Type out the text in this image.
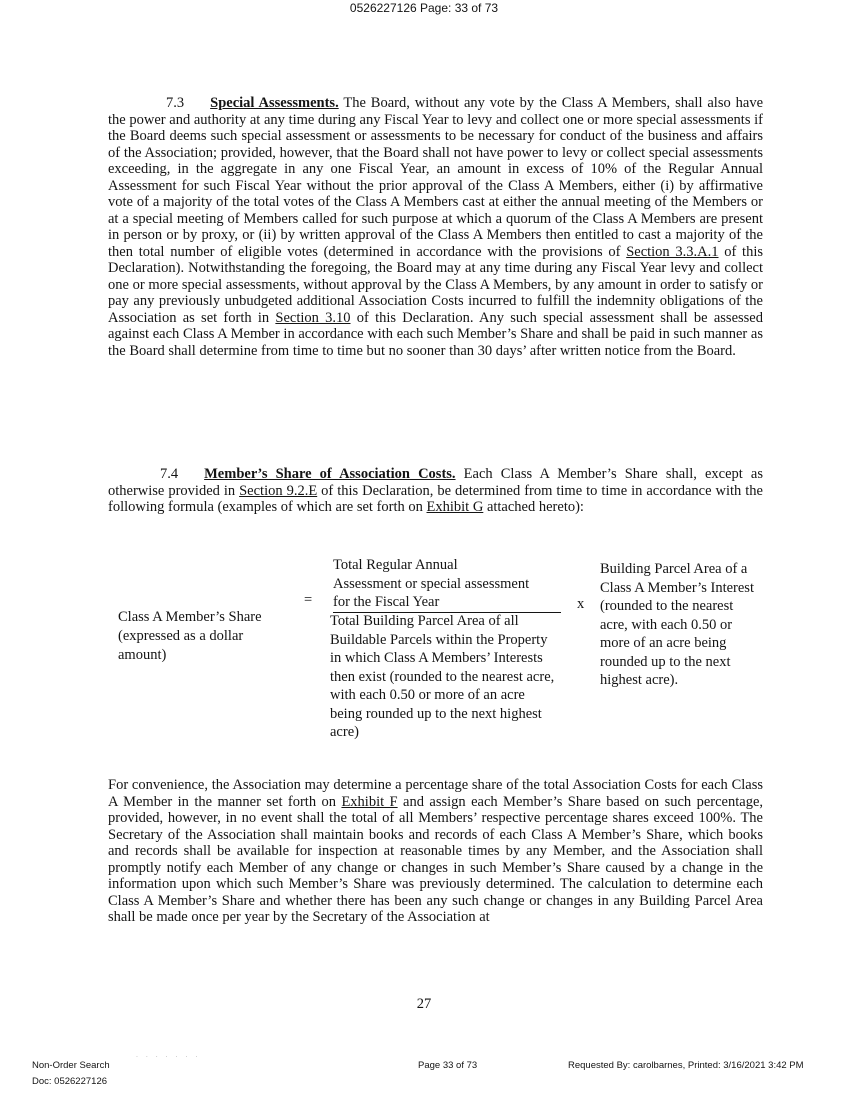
0526227126 Page: 33 of 73

7.3 Special Assessments. The Board, without any vote by the Class A Members, shall also have the power and authority at any time during any Fiscal Year to levy and collect one or more special assessments if the Board deems such special assessment or assessments to be necessary for conduct of the business and affairs of the Association; provided, however, that the Board shall not have power to levy or collect special assessments exceeding, in the aggregate in any one Fiscal Year, an amount in excess of 10% of the Regular Annual Assessment for such Fiscal Year without the prior approval of the Class A Members, either (i) by affirmative vote of a majority of the total votes of the Class A Members cast at either the annual meeting of the Members or at a special meeting of Members called for such purpose at which a quorum of the Class A Members are present in person or by proxy, or (ii) by written approval of the Class A Members then entitled to cast a majority of the then total number of eligible votes (determined in accordance with the provisions of Section 3.3.A.1 of this Declaration). Notwithstanding the foregoing, the Board may at any time during any Fiscal Year levy and collect one or more special assessments, without approval by the Class A Members, by any amount in order to satisfy or pay any previously unbudgeted additional Association Costs incurred to fulfill the indemnity obligations of the Association as set forth in Section 3.10 of this Declaration. Any such special assessment shall be assessed against each Class A Member in accordance with each such Member’s Share and shall be paid in such manner as the Board shall determine from time to time but no sooner than 30 days’ after written notice from the Board.

7.4 Member’s Share of Association Costs. Each Class A Member’s Share shall, except as otherwise provided in Section 9.2.E of this Declaration, be determined from time to time in accordance with the following formula (examples of which are set forth on Exhibit G attached hereto):

Class A Member’s Share (expressed as a dollar amount)
=
Total Regular Annual
Assessment or special assessment
for the Fiscal Year
Total Building Parcel Area of all Buildable Parcels within the Property in which Class A Members’ Interests then exist (rounded to the nearest acre, with each 0.50 or more of an acre being rounded up to the next highest acre)
x
Building Parcel Area of a Class A Member’s Interest (rounded to the nearest acre, with each 0.50 or more of an acre being rounded up to the next highest acre).

For convenience, the Association may determine a percentage share of the total Association Costs for each Class A Member in the manner set forth on Exhibit F and assign each Member’s Share based on such percentage, provided, however, in no event shall the total of all Members’ respective percentage shares exceed 100%. The Secretary of the Association shall maintain books and records of each Class A Member’s Share, which books and records shall be available for inspection at reasonable times by any Member, and the Association shall promptly notify each Member of any change or changes in such Member’s Share caused by a change in the information upon which such Member’s Share was previously determined. The calculation to determine each Class A Member’s Share and whether there has been any such change or changes in any Building Parcel Area shall be made once per year by the Secretary of the Association at

27
Non-Order Search
. . . . . . .
Doc: 0526227126
Page 33 of 73	Requested By: carolbarnes, Printed: 3/16/2021 3:42 PM
